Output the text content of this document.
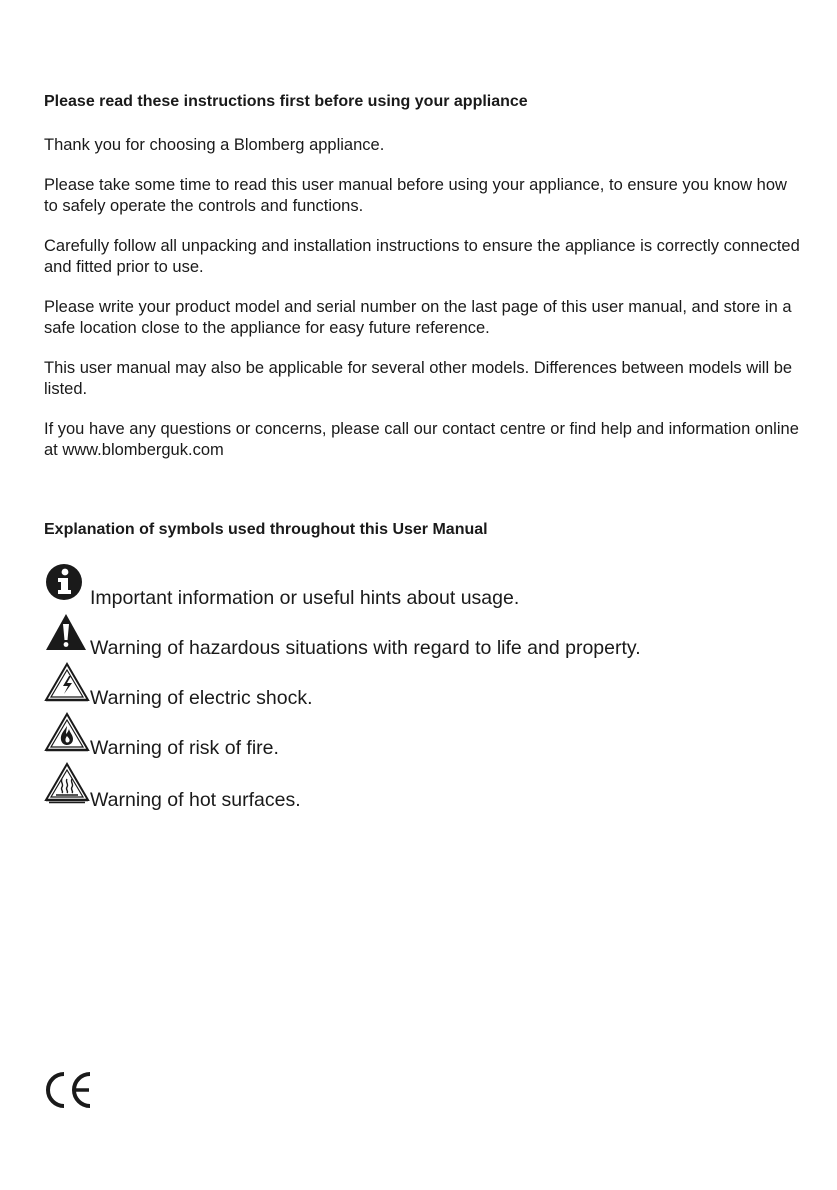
Please read these instructions first before using your appliance

Thank you for choosing a Blomberg appliance.

Please take some time to read this user manual before using your appliance, to ensure you know how to safely operate the controls and functions.

Carefully follow all unpacking and installation instructions to ensure the appliance is correctly connected and fitted prior to use.

Please write your product model and serial number on the last page of this user manual, and store in a safe location close to the appliance for easy future reference.

This user manual may also be applicable for several other models. Differences between models will be listed.

If you have any questions or concerns, please call our contact centre or find help and information online at www.blomberguk.com

Explanation of symbols used throughout this User Manual
Important information or useful hints about usage.
Warning of hazardous situations with regard to life and property.
Warning of electric shock.
Warning of risk of fire.
Warning of hot surfaces.
